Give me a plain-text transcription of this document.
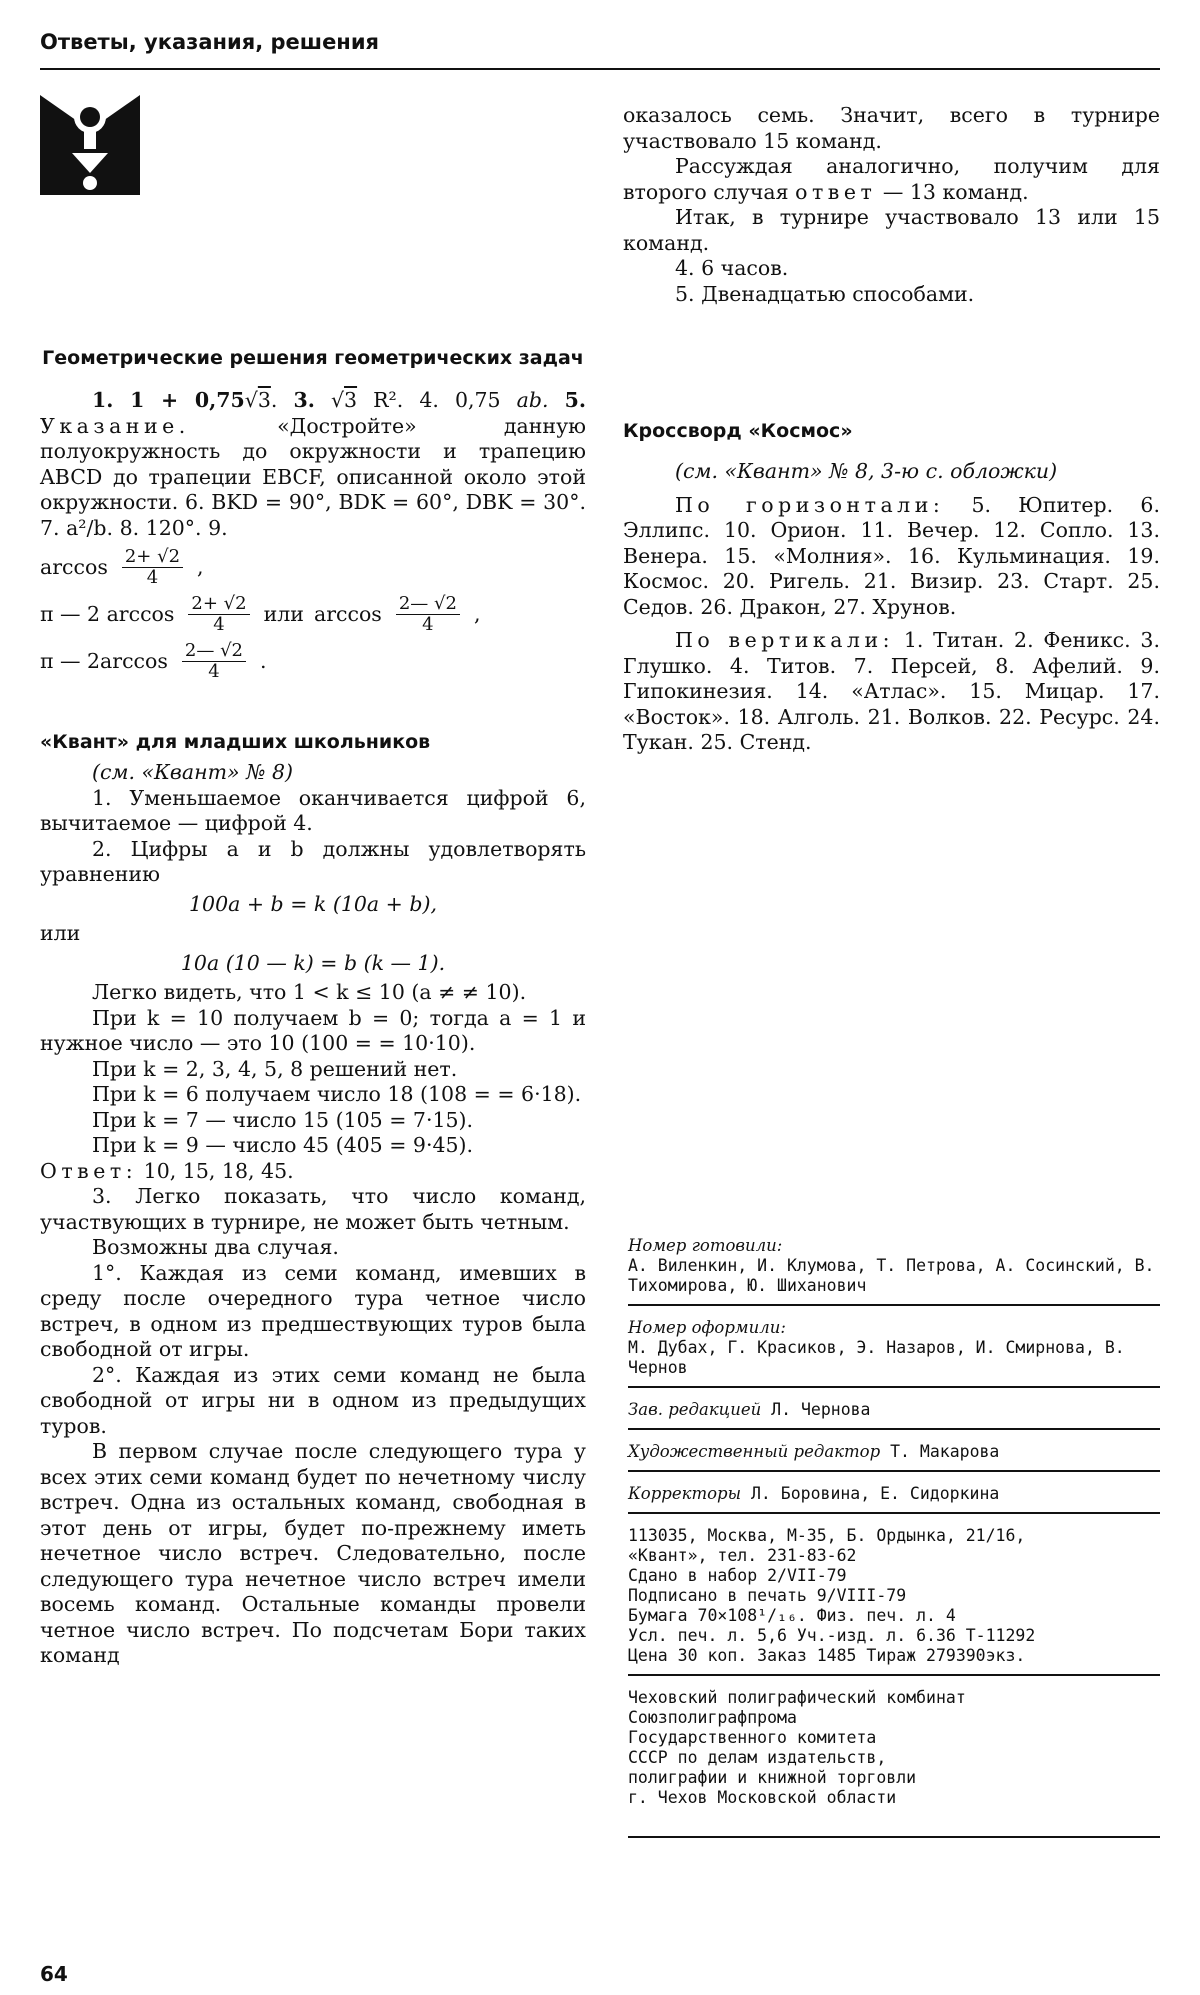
Ответы, указания, решения
Геометрические решения геометрических задач

1. 1 + 0,75√3. 3. √3 R². 4. 0,75 ab. 5. Указание.	«Достройте» данную полуокружность до окружности и трапецию ABCD до трапеции EBCF, описанной около этой окружности. 6. BKD = 90°, BDK = 60°, DBK = 30°. 7. a²/b. 8. 120°. 9.

$\arccos \frac{2+ √2}{4}$ ,
π — 2 $\arccos \frac{2+ √2}{4}$ или $\arccos \frac{2— √2}{4}$ ,
π — $2\arccos \frac{2— √2}{4}$ .
«Квант» для младших школьников

(см. «Квант» № 8)

1. Уменьшаемое оканчивается цифрой 6, вычитаемое — цифрой 4.

2. Цифры a и b должны удовлетворять уравнению

100a + b = k (10a + b),

или

10a (10 — k) = b (k — 1).

Легко видеть, что 1 < k ≤ 10 (a ≠ ≠ 10).

При k = 10 получаем b = 0; тогда a = 1 и нужное число — это 10 (100 = = 10·10).

При k = 2, 3, 4, 5, 8 решений нет.

При k = 6 получаем число 18 (108 = = 6·18).

При k = 7 — число 15 (105 = 7·15).

При k = 9 — число 45 (405 = 9·45).

Ответ: 10, 15, 18, 45.

3. Легко показать, что число команд, участвующих в турнире, не может быть четным.

Возможны два случая.

1°. Каждая из семи команд, имевших в среду после очередного тура четное число встреч, в одном из предшествующих туров была свободной от игры.

2°. Каждая из этих семи команд не была свободной от игры ни в одном из предыдущих туров.

В первом случае после следующего тура у всех этих семи команд будет по нечетному числу встреч. Одна из остальных команд, свободная в этот день от игры, будет по-прежнему иметь нечетное число встреч. Следовательно, после следующего тура нечетное число встреч имели восемь команд. Остальные команды провели четное число встреч. По подсчетам Бори таких команд

оказалось семь. Значит, всего в турнире участвовало 15 команд.

Рассуждая аналогично, получим для второго случая ответ — 13 команд.

Итак, в турнире участвовало 13 или 15 команд.

4. 6 часов.

5. Двенадцатью способами.

Кроссворд «Космос»

(см. «Квант» № 8, 3-ю с. обложки)

По горизонтали: 5. Юпитер. 6. Эллипс. 10. Орион. 11. Вечер. 12. Сопло. 13. Венера. 15. «Молния». 16. Кульминация. 19. Космос. 20. Ригель. 21. Визир. 23. Старт. 25. Седов. 26. Дракон, 27. Хрунов.

По вертикали: 1. Титан. 2. Феникс. 3. Глушко. 4. Титов. 7. Персей, 8. Афелий. 9. Гипокинезия. 14. «Атлас». 15. Мицар. 17. «Восток». 18. Алголь. 21. Волков. 22. Ресурс. 24. Тукан. 25. Стенд.

Номер готовили:
А. Виленкин, И. Клумова, Т. Петрова, А. Сосинский, В. Тихомирова, Ю. Шиханович
Номер оформили:
М. Дубах, Г. Красиков, Э. Назаров, И. Смирнова, В. Чернов
Зав. редакцией Л. Чернова
Художественный редактор Т. Макарова
Корректоры Л. Боровина, Е. Сидоркина
113035, Москва, М-35, Б. Ордынка, 21/16,
«Квант», тел. 231-83-62
Сдано в набор 2/VII-79
Подписано в печать 9/VIII-79
Бумага 70×108¹/₁₆. Физ. печ. л. 4
Усл. печ. л. 5,6 Уч.-изд. л. 6.36 Т-11292
Цена 30 коп. Заказ 1485 Тираж 279390экз.
Чеховский полиграфический комбинат
Союзполиграфпрома
Государственного комитета
СССР по делам издательств,
полиграфии и книжной торговли
г. Чехов Московской области
64
